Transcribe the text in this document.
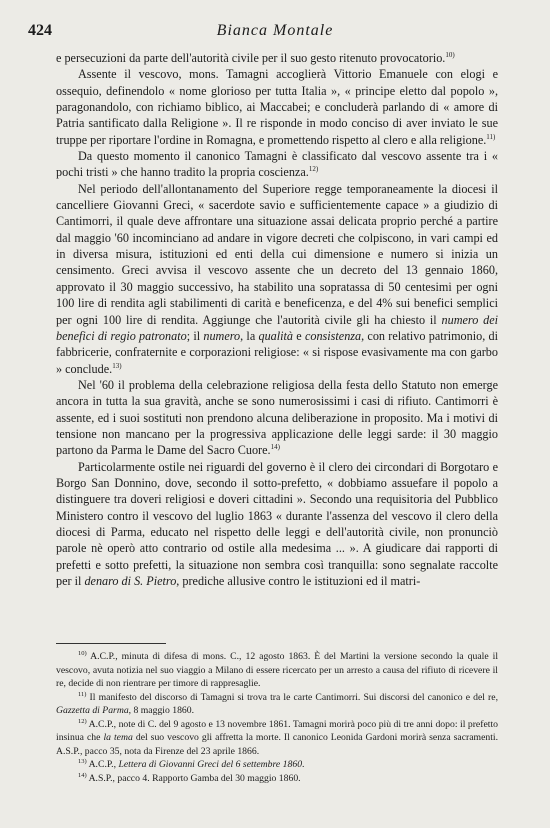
424	Bianca Montale

e persecuzioni da parte dell'autorità civile per il suo gesto ritenuto provocatorio.$^{10)}$

Assente il vescovo, mons. Tamagni accoglierà Vittorio Emanuele con elogi e ossequio, definendolo « nome glorioso per tutta Italia », « principe eletto dal popolo », paragonandolo, con richiamo biblico, ai Maccabei; e concluderà parlando di « amore di Patria santificato dalla Religione ». Il re risponde in modo conciso di aver inviato le sue truppe per riportare l'ordine in Romagna, e promettendo rispetto al clero e alla religione.$^{11)}$

Da questo momento il canonico Tamagni è classificato dal vescovo assente tra i « pochi tristi » che hanno tradito la propria coscienza.$^{12)}$

Nel periodo dell'allontanamento del Superiore regge temporaneamente la diocesi il cancelliere Giovanni Greci, « sacerdote savio e sufficientemente capace » a giudizio di Cantimorri, il quale deve affrontare una situazione assai delicata proprio perché a partire dal maggio '60 incominciano ad andare in vigore decreti che colpiscono, in vari campi ed in diversa misura, istituzioni ed enti della cui dimensione e numero si inizia un censimento. Greci avvisa il vescovo assente che un decreto del 13 gennaio 1860, approvato il 30 maggio successivo, ha stabilito una sopratassa di 50 centesimi per ogni 100 lire di rendita agli stabilimenti di carità e beneficenza, e del 4% sui benefici semplici per ogni 100 lire di rendita. Aggiunge che l'autorità civile gli ha chiesto il numero dei benefici di regio patronato; il numero, la qualità e consistenza, con relativo patrimonio, di fabbricerie, confraternite e corporazioni religiose: « si rispose evasivamente ma con garbo » conclude.$^{13)}$

Nel '60 il problema della celebrazione religiosa della festa dello Statuto non emerge ancora in tutta la sua gravità, anche se sono numerosissimi i casi di rifiuto. Cantimorri è assente, ed i suoi sostituti non prendono alcuna deliberazione in proposito. Ma i motivi di tensione non mancano per la progressiva applicazione delle leggi sarde: il 30 maggio partono da Parma le Dame del Sacro Cuore.$^{14)}$

Particolarmente ostile nei riguardi del governo è il clero dei circondari di Borgotaro e Borgo San Donnino, dove, secondo il sotto-prefetto, « dobbiamo assuefare il popolo a distinguere tra doveri religiosi e doveri cittadini ». Secondo una requisitoria del Pubblico Ministero contro il vescovo del luglio 1863 « durante l'assenza del vescovo il clero della diocesi di Parma, educato nel rispetto delle leggi e dell'autorità civile, non pronunciò parole nè operò atto contrario od ostile alla medesima ... ». A giudicare dai rapporti di prefetti e sotto prefetti, la situazione non sembra così tranquilla: sono segnalate raccolte per il denaro di S. Pietro, prediche allusive contro le istituzioni ed il matri-

$^{10)}$ A.C.P., minuta di difesa di mons. C., 12 agosto 1863. È del Martini la versione secondo la quale il vescovo, avuta notizia nel suo viaggio a Milano di essere ricercato per un arresto a causa del rifiuto di ricevere il re, decide di non rientrare per timore di rappresaglie.

$^{11)}$ Il manifesto del discorso di Tamagni si trova tra le carte Cantimorri. Sui discorsi del canonico e del re, Gazzetta di Parma, 8 maggio 1860.

$^{12)}$ A.C.P., note di C. del 9 agosto e 13 novembre 1861. Tamagni morirà poco più di tre anni dopo: il prefetto insinua che la tema del suo vescovo gli affretta la morte. Il canonico Leonida Gardoni morirà senza sacramenti. A.S.P., pacco 35, nota da Firenze del 23 aprile 1866.

$^{13)}$ A.C.P., Lettera di Giovanni Greci del 6 settembre 1860.

$^{14)}$ A.S.P., pacco 4. Rapporto Gamba del 30 maggio 1860.
